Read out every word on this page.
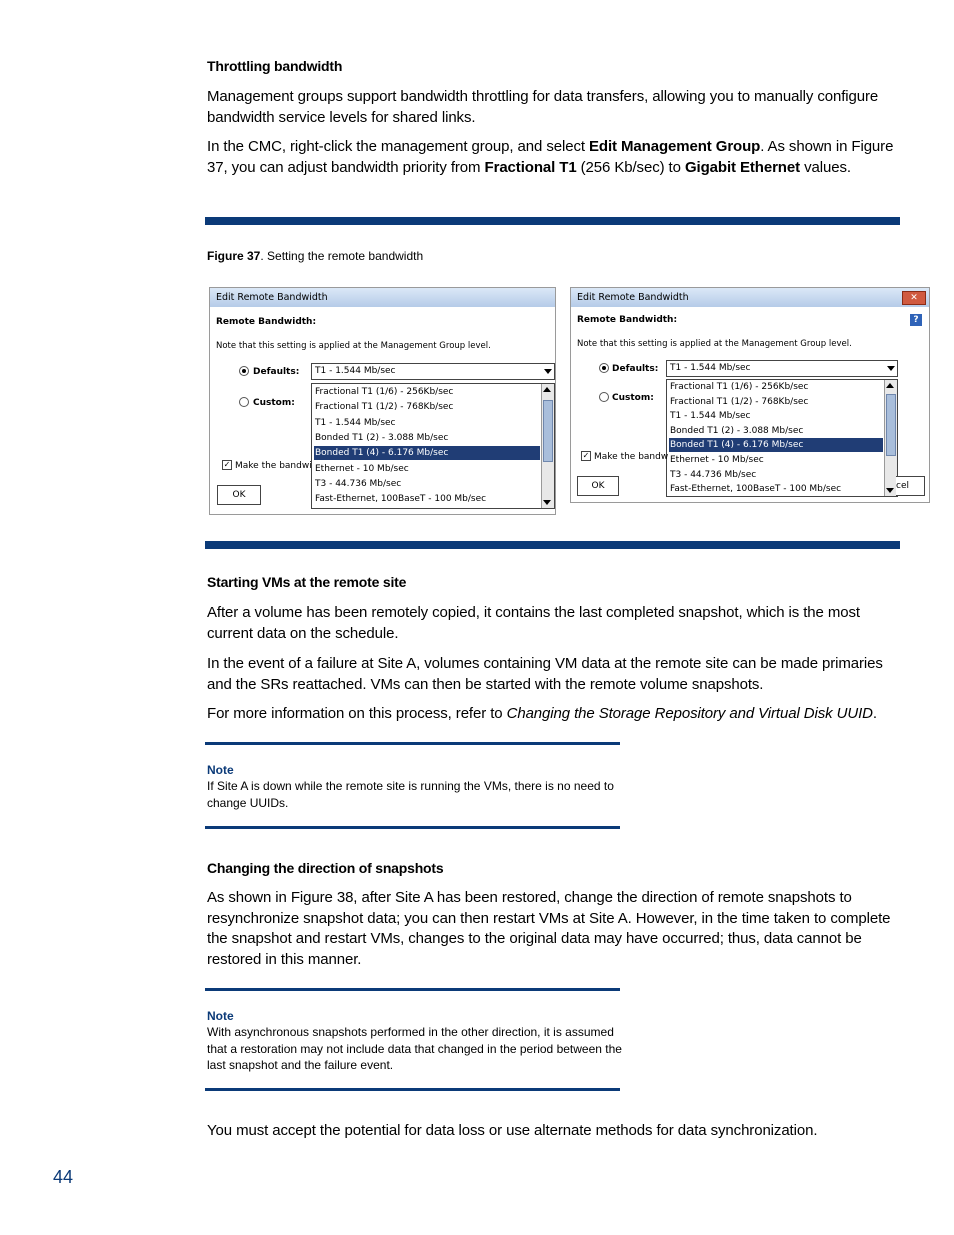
Throttling bandwidth
Management groups support bandwidth throttling for data transfers, allowing you to manually configure bandwidth service levels for shared links.
In the CMC, right-click the management group, and select Edit Management Group. As shown in Figure 37, you can adjust bandwidth priority from Fractional T1 (256 Kb/sec) to Gigabit Ethernet values.
Figure 37. Setting the remote bandwidth
Edit Remote Bandwidth
Remote Bandwidth:
Note that this setting is applied at the Management Group level.
Defaults:
Custom:
T1 - 1.544 Mb/sec
Fast-Ethernet, 100BaseT - 100 Mb/sec
T3 - 44.736 Mb/sec
Ethernet - 10 Mb/sec
Bonded T1 (4) - 6.176 Mb/sec
Bonded T1 (2) - 3.088 Mb/sec
T1 - 1.544 Mb/sec
Fractional T1 (1/2) - 768Kb/sec
Fractional T1 (1/6) - 256Kb/sec
✓ Make the bandwi
OK
Edit Remote Bandwidth	✕
Remote Bandwidth:	?
Note that this setting is applied at the Management Group level.
Defaults:
Custom:
T1 - 1.544 Mb/sec
Fast-Ethernet, 100BaseT - 100 Mb/sec
T3 - 44.736 Mb/sec
Ethernet - 10 Mb/sec
Bonded T1 (4) - 6.176 Mb/sec
Bonded T1 (2) - 3.088 Mb/sec
T1 - 1.544 Mb/sec
Fractional T1 (1/2) - 768Kb/sec
Fractional T1 (1/6) - 256Kb/sec
cel
✓ Make the bandw
OK
Starting VMs at the remote site
After a volume has been remotely copied, it contains the last completed snapshot, which is the most current data on the schedule.
In the event of a failure at Site A, volumes containing VM data at the remote site can be made primaries and the SRs reattached. VMs can then be started with the remote volume snapshots.
For more information on this process, refer to Changing the Storage Repository and Virtual Disk UUID.
Note
If Site A is down while the remote site is running the VMs, there is no need to change UUIDs.
Changing the direction of snapshots
As shown in Figure 38, after Site A has been restored, change the direction of remote snapshots to resynchronize snapshot data; you can then restart VMs at Site A. However, in the time taken to complete the snapshot and restart VMs, changes to the original data may have occurred; thus, data cannot be restored in this manner.
Note
With asynchronous snapshots performed in the other direction, it is assumed that a restoration may not include data that changed in the period between the last snapshot and the failure event.
You must accept the potential for data loss or use alternate methods for data synchronization.
44
